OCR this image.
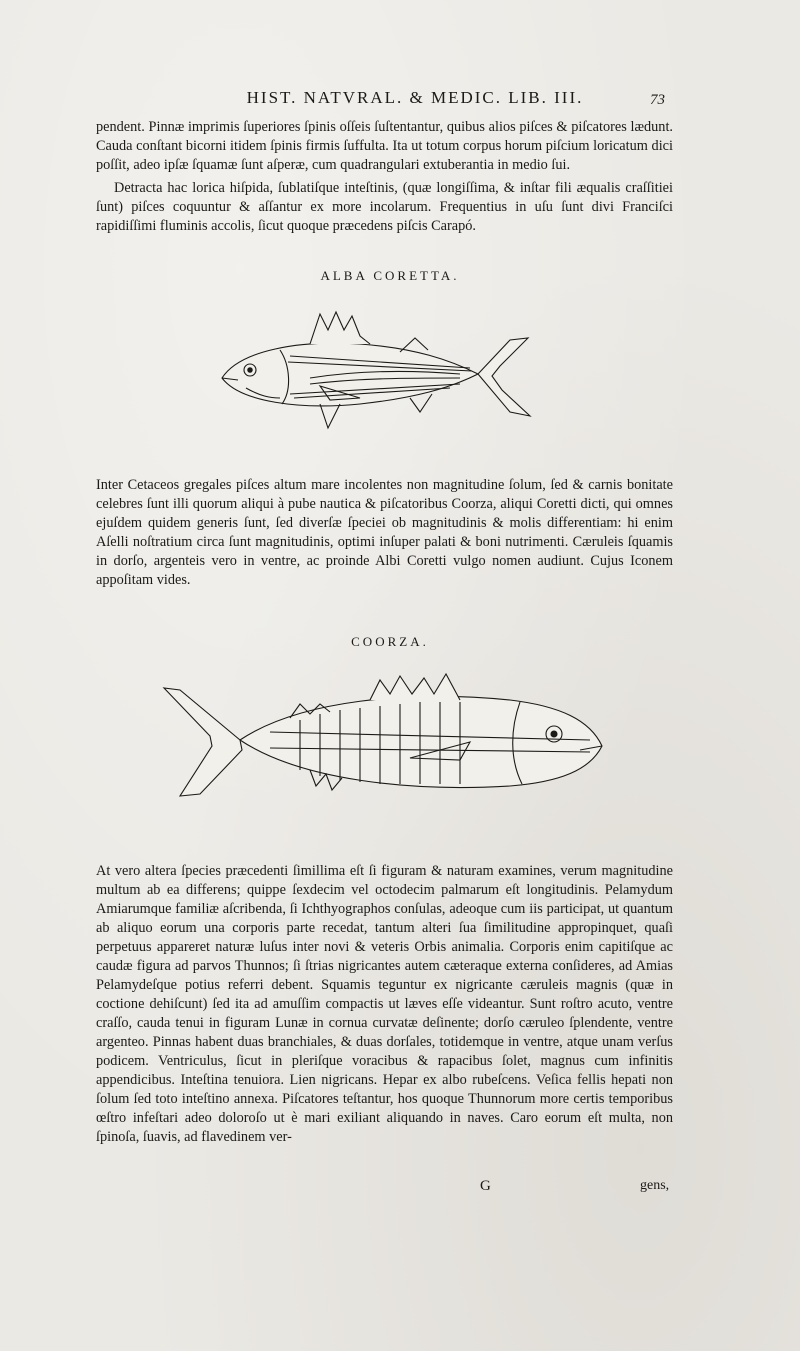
HIST. NATVRAL. & MEDIC. LIB. III.	73

pendent. Pinnæ imprimis ſuperiores ſpinis oſſeis ſuſtentantur, quibus alios piſces & piſcatores lædunt. Cauda conſtant bicorni itidem ſpinis firmis ſuffulta. Ita ut totum corpus horum piſcium loricatum dici poſſit, adeo ipſæ ſquamæ ſunt aſperæ, cum quadrangulari extuberantia in medio ſui.

Detracta hac lorica hiſpida, ſublatiſque inteſtinis, (quæ longiſſima, & inſtar fili æqualis craſſitiei ſunt) piſces coquuntur & aſſantur ex more incolarum. Frequentius in uſu ſunt divi Franciſci rapidiſſimi fluminis accolis, ſicut quoque præcedens piſcis Carapó.

ALBA CORETTA.

Inter Cetaceos gregales piſces altum mare incolentes non magnitudine ſolum, ſed & carnis bonitate celebres ſunt illi quorum aliqui à pube nautica & piſcatoribus Coorza, aliqui Coretti dicti, qui omnes ejuſdem quidem generis ſunt, ſed diverſæ ſpeciei ob magnitudinis & molis differentiam: hi enim Aſelli noſtratium circa ſunt magnitudinis, optimi inſuper palati & boni nutrimenti. Cæruleis ſquamis in dorſo, argenteis vero in ventre, ac proinde Albi Coretti vulgo nomen audiunt. Cujus Iconem appoſitam vides.

COORZA.

At vero altera ſpecies præcedenti ſimillima eſt ſi figuram & naturam examines, verum magnitudine multum ab ea differens; quippe ſexdecim vel octodecim palmarum eſt longitudinis. Pelamydum Amiarumque familiæ aſcribenda, ſi Ichthyographos conſulas, adeoque cum iis participat, ut quantum ab aliquo eorum una corporis parte recedat, tantum alteri ſua ſimilitudine appropinquet, quaſi perpetuus appareret naturæ luſus inter novi & veteris Orbis animalia. Corporis enim capitiſque ac caudæ figura ad parvos Thunnos; ſi ſtrias nigricantes autem cæteraque externa conſideres, ad Amias Pelamydeſque potius referri debent. Squamis teguntur ex nigricante cæruleis magnis (quæ in coctione dehiſcunt) ſed ita ad amuſſim compactis ut læves eſſe videantur. Sunt roſtro acuto, ventre craſſo, cauda tenui in figuram Lunæ in cornua curvatæ deſinente; dorſo cæruleo ſplendente, ventre argenteo. Pinnas habent duas branchiales, & duas dorſales, totidemque in ventre, atque unam verſus podicem. Ventriculus, ſicut in pleriſque voracibus & rapacibus ſolet, magnus cum infinitis appendicibus. Inteſtina tenuiora. Lien nigricans. Hepar ex albo rubeſcens. Veſica fellis hepati non ſolum ſed toto inteſtino annexa. Piſcatores teſtantur, hos quoque Thunnorum more certis temporibus œſtro infeſtari adeo doloroſo ut è mari exiliant aliquando in naves. Caro eorum eſt multa, non ſpinoſa, ſuavis, ad flavedinem ver-

G	gens,
